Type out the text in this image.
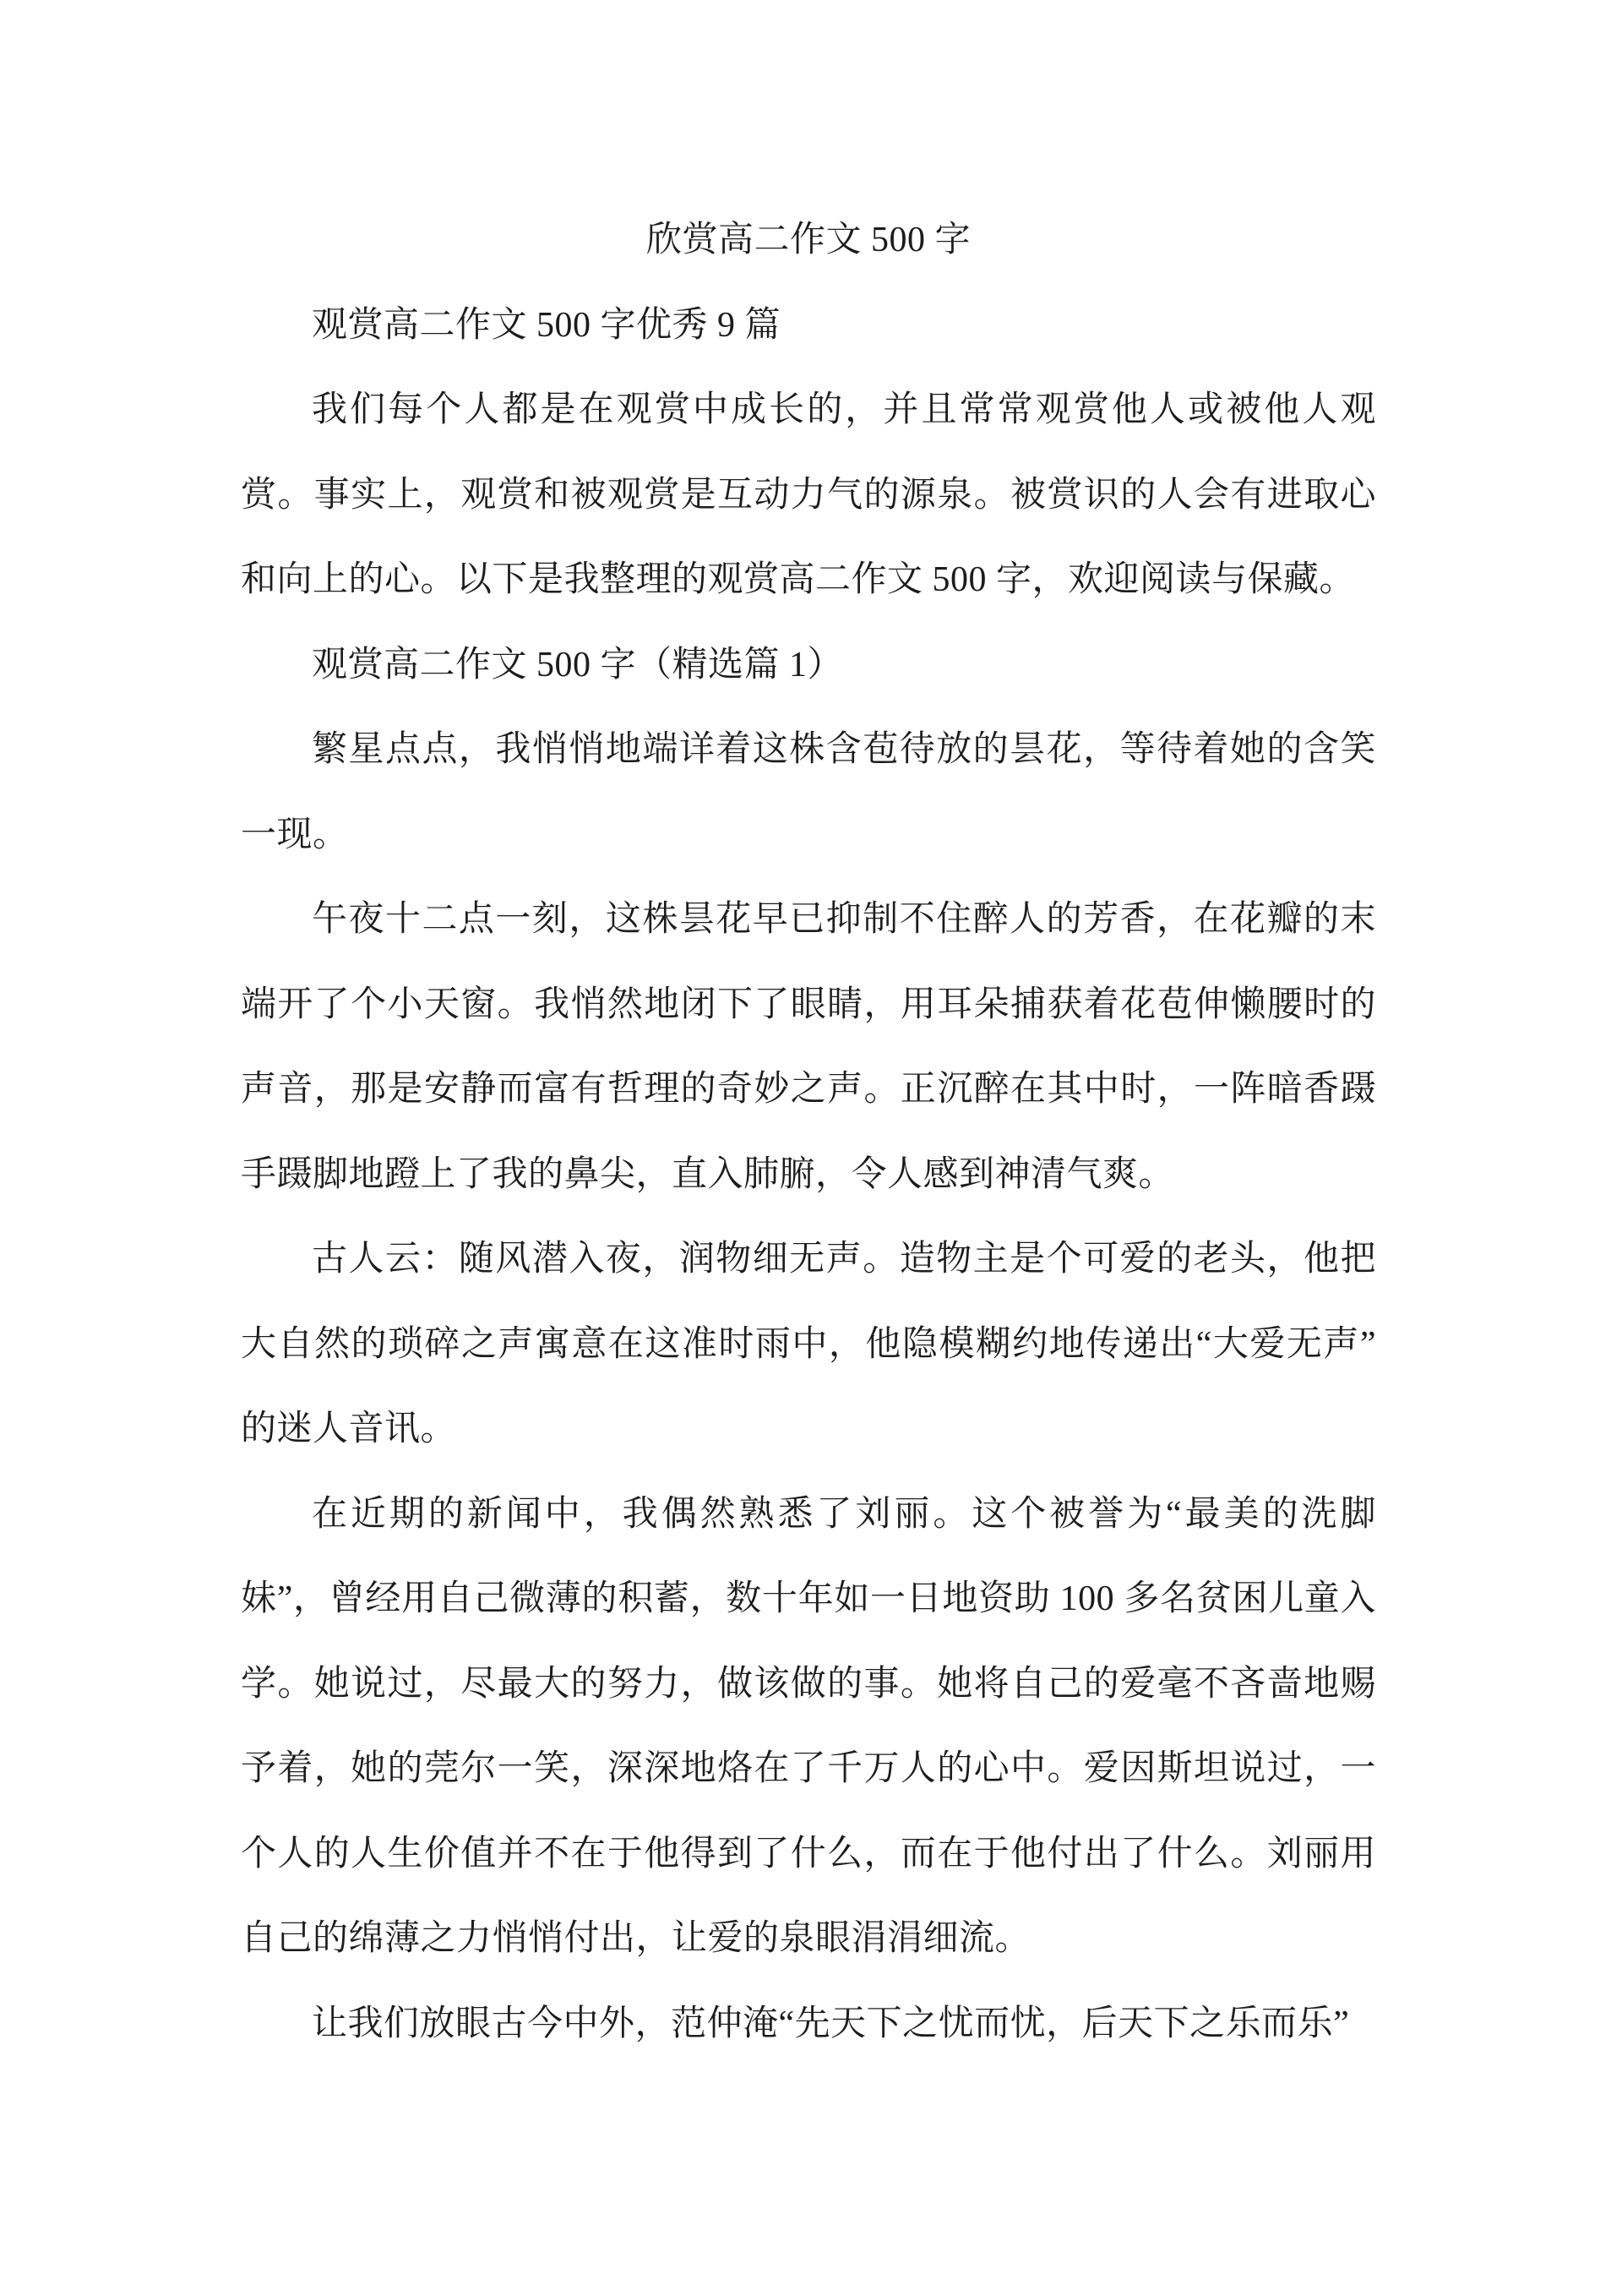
欣赏高二作文 500 字

观赏高二作文 500 字优秀 9 篇

我们每个人都是在观赏中成长的，并且常常观赏他人或被他人观赏。事实上，观赏和被观赏是互动力气的源泉。被赏识的人会有进取心和向上的心。以下是我整理的观赏高二作文 500 字，欢迎阅读与保藏。

观赏高二作文 500 字（精选篇 1）

繁星点点，我悄悄地端详着这株含苞待放的昙花，等待着她的含笑一现。

午夜十二点一刻，这株昙花早已抑制不住醉人的芳香，在花瓣的末端开了个小天窗。我悄然地闭下了眼睛，用耳朵捕获着花苞伸懒腰时的声音，那是安静而富有哲理的奇妙之声。正沉醉在其中时，一阵暗香蹑手蹑脚地蹬上了我的鼻尖，直入肺腑，令人感到神清气爽。

古人云：随风潜入夜，润物细无声。造物主是个可爱的老头，他把大自然的琐碎之声寓意在这准时雨中，他隐模糊约地传递出“大爱无声”的迷人音讯。

在近期的新闻中，我偶然熟悉了刘丽。这个被誉为“最美的洗脚妹”，曾经用自己微薄的积蓄，数十年如一日地资助 100 多名贫困儿童入学。她说过，尽最大的努力，做该做的事。她将自己的爱毫不吝啬地赐予着，她的莞尔一笑，深深地烙在了千万人的心中。爱因斯坦说过，一个人的人生价值并不在于他得到了什么，而在于他付出了什么。刘丽用自己的绵薄之力悄悄付出，让爱的泉眼涓涓细流。

让我们放眼古今中外，范仲淹“先天下之忧而忧，后天下之乐而乐”
